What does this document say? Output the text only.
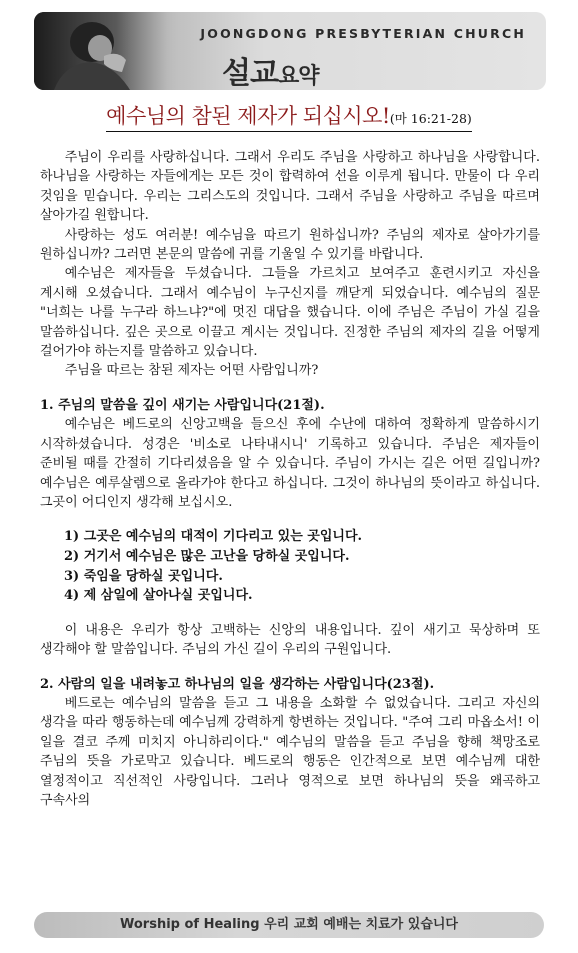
JOONGDONG PRESBYTERIAN CHURCH
설교요약
예수님의 참된 제자가 되십시오!(마 16:21-28)

주님이 우리를 사랑하십니다. 그래서 우리도 주님을 사랑하고 하나님을 사랑합니다. 하나님을 사랑하는 자들에게는 모든 것이 합력하여 선을 이루게 됩니다. 만물이 다 우리 것임을 믿습니다. 우리는 그리스도의 것입니다. 그래서 주님을 사랑하고 주님을 따르며 살아가길 원합니다.

사랑하는 성도 여러분! 예수님을 따르기 원하십니까? 주님의 제자로 살아가기를 원하십니까? 그러면 본문의 말씀에 귀를 기울일 수 있기를 바랍니다.

예수님은 제자들을 두셨습니다. 그들을 가르치고 보여주고 훈련시키고 자신을 계시해 오셨습니다. 그래서 예수님이 누구신지를 깨닫게 되었습니다. 예수님의 질문 "너희는 나를 누구라 하느냐?"에 멋진 대답을 했습니다. 이에 주님은 주님이 가실 길을 말씀하십니다. 깊은 곳으로 이끌고 계시는 것입니다. 진정한 주님의 제자의 길을 어떻게 걸어가야 하는지를 말씀하고 있습니다.

주님을 따르는 참된 제자는 어떤 사람입니까?

1. 주님의 말씀을 깊이 새기는 사람입니다(21절).

예수님은 베드로의 신앙고백을 들으신 후에 수난에 대하여 정확하게 말씀하시기 시작하셨습니다. 성경은 '비소로 나타내시니' 기록하고 있습니다. 주님은 제자들이 준비될 때를 간절히 기다리셨음을 알 수 있습니다. 주님이 가시는 길은 어떤 길입니까? 예수님은 예루살렘으로 올라가야 한다고 하십니다. 그것이 하나님의 뜻이라고 하십니다. 그곳이 어디인지 생각해 보십시오.

1) 그곳은 예수님의 대적이 기다리고 있는 곳입니다.
2) 거기서 예수님은 많은 고난을 당하실 곳입니다.
3) 죽임을 당하실 곳입니다.
4) 제 삼일에 살아나실 곳입니다.

이 내용은 우리가 항상 고백하는 신앙의 내용입니다. 깊이 새기고 묵상하며 또 생각해야 할 말씀입니다. 주님의 가신 길이 우리의 구원입니다.

2. 사람의 일을 내려놓고 하나님의 일을 생각하는 사람입니다(23절).

베드로는 예수님의 말씀을 듣고 그 내용을 소화할 수 없었습니다. 그리고 자신의 생각을 따라 행동하는데 예수님께 강력하게 항변하는 것입니다. "주여 그리 마옵소서! 이 일을 결코 주께 미치지 아니하리이다." 예수님의 말씀을 듣고 주님을 향해 책망조로 주님의 뜻을 가로막고 있습니다. 베드로의 행동은 인간적으로 보면 예수님께 대한 열정적이고 직선적인 사랑입니다. 그러나 영적으로 보면 하나님의 뜻을 왜곡하고 구속사의

Worship of Healing 우리 교회 예배는 치료가 있습니다
